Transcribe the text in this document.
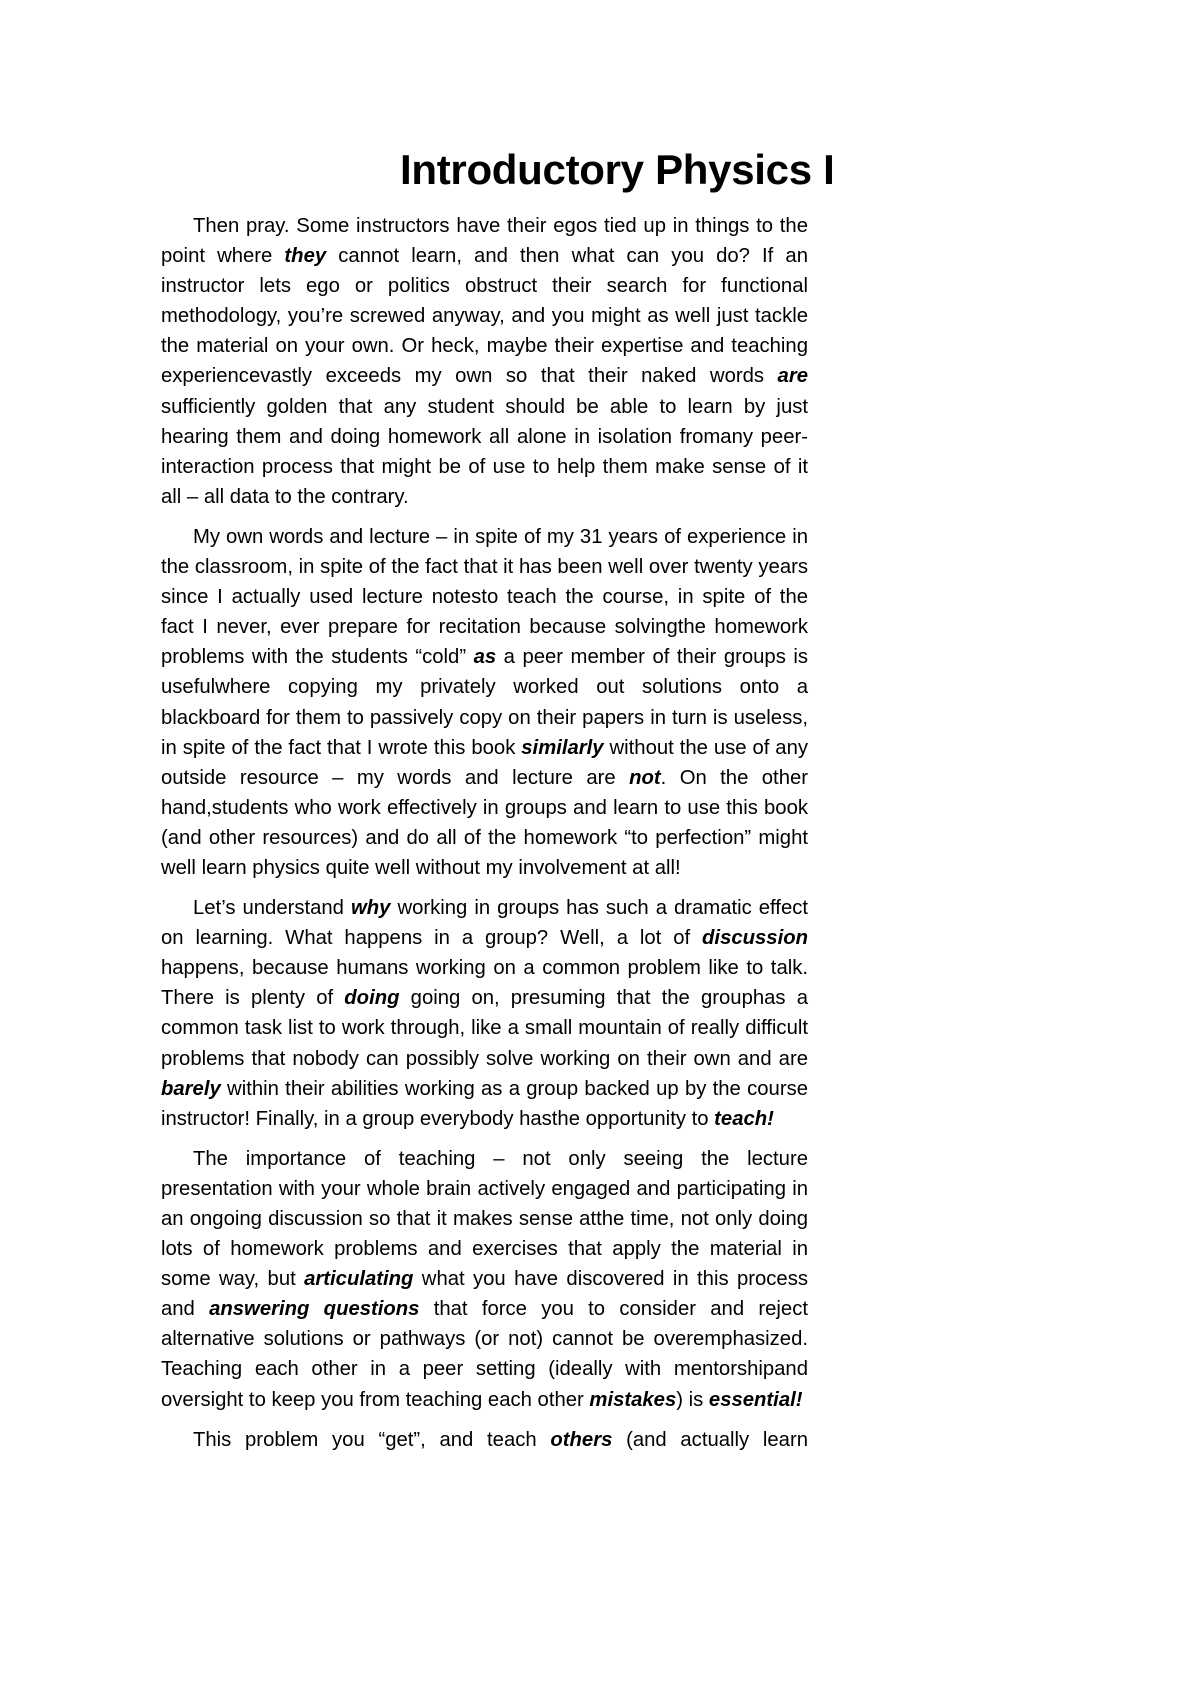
Introductory Physics I

Then pray. Some instructors have their egos tied up in things to the point where they cannot learn, and then what can you do? If an instructor lets ego or politics obstruct their search for functional methodology, you’re screwed anyway, and you might as well just tackle the material on your own. Or heck, maybe their expertise and teaching experiencevastly exceeds my own so that their naked words are sufficiently golden that any student should be able to learn by just hearing them and doing homework all alone in isolation fromany peer-interaction process that might be of use to help them make sense of it all – all data to the contrary.

My own words and lecture – in spite of my 31 years of experience in the classroom, in spite of the fact that it has been well over twenty years since I actually used lecture notesto teach the course, in spite of the fact I never, ever prepare for recitation because solvingthe homework problems with the students “cold” as a peer member of their groups is usefulwhere copying my privately worked out solutions onto a blackboard for them to passively copy on their papers in turn is useless, in spite of the fact that I wrote this book similarly without the use of any outside resource – my words and lecture are not. On the other hand,students who work effectively in groups and learn to use this book (and other resources) and do all of the homework “to perfection” might well learn physics quite well without my involvement at all!

Let’s understand why working in groups has such a dramatic effect on learning. What happens in a group? Well, a lot of discussion happens, because humans working on a common problem like to talk. There is plenty of doing going on, presuming that the grouphas a common task list to work through, like a small mountain of really difficult problems that nobody can possibly solve working on their own and are barely within their abilities working as a group backed up by the course instructor! Finally, in a group everybody hasthe opportunity to teach!

The importance of teaching – not only seeing the lecture presentation with your whole brain actively engaged and participating in an ongoing discussion so that it makes sense atthe time, not only doing lots of homework problems and exercises that apply the material in some way, but articulating what you have discovered in this process and answering questions that force you to consider and reject alternative solutions or pathways (or not) cannot be overemphasized. Teaching each other in a peer setting (ideally with mentorshipand oversight to keep you from teaching each other mistakes) is essential!

This problem you “get”, and teach others (and actually learn
